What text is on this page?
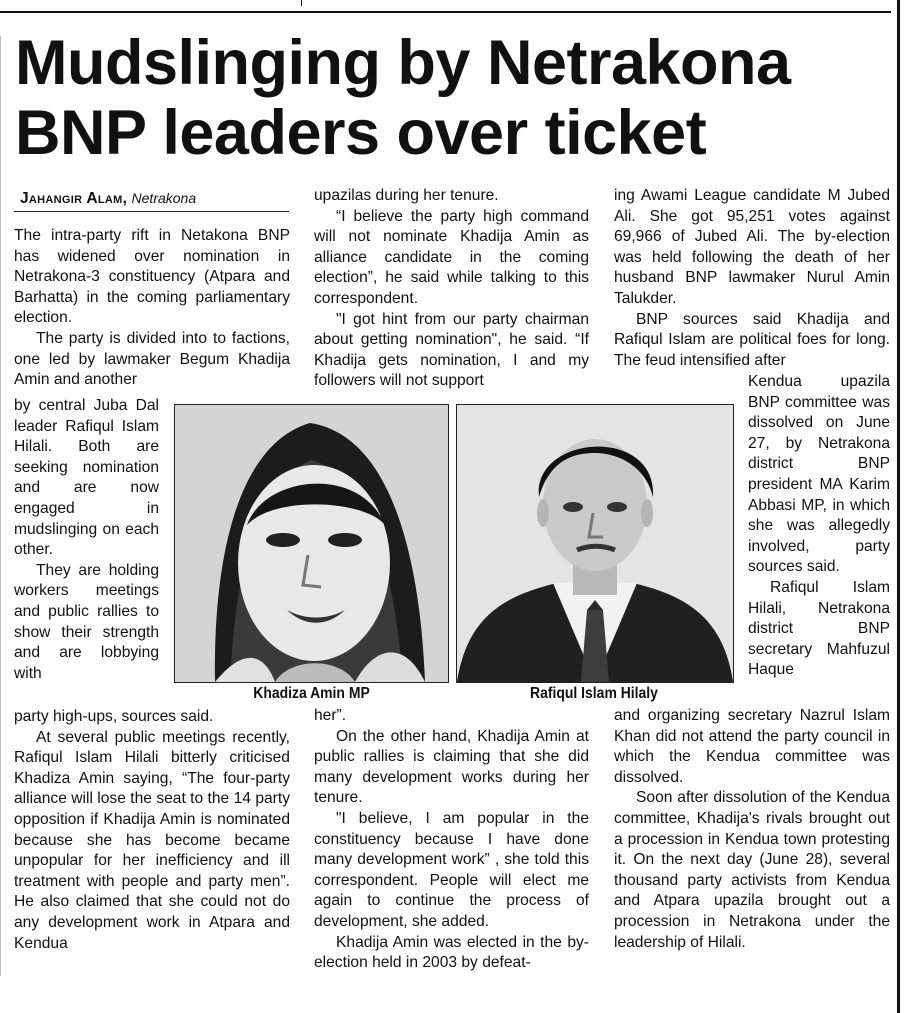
Mudslinging by Netrakona
BNP leaders over ticket
Jahangir Alam, Netrakona

The intra-party rift in Netakona BNP has widened over nomination in Netrakona-3 constituency (Atpara and Barhatta) in the coming parliamentary election.

The party is divided into to factions, one led by lawmaker Begum Khadija Amin and another

by central Juba Dal leader Rafiqul Islam Hilali. Both are seeking nomination and are now engaged in mudslinging on each other.

They are holding workers meetings and public rallies to show their strength and are lobbying with

party high-ups, sources said.

At several public meetings recently, Rafiqul Islam Hilali bitterly criticised Khadiza Amin saying, “The four-party alliance will lose the seat to the 14 party opposition if Khadija Amin is nominated because she has become became unpopular for her inefficiency and ill treatment with people and party men”. He also claimed that she could not do any development work in Atpara and Kendua

upazilas during her tenure.

“I believe the party high command will not nominate Khadija Amin as alliance candidate in the coming election”, he said while talking to this correspondent.

"I got hint from our party chairman about getting nomination", he said. “If Khadija gets nomination, I and my followers will not support

her”.

On the other hand, Khadija Amin at public rallies is claiming that she did many development works during her tenure.

"I believe, I am popular in the constituency because I have done many development work” , she told this correspondent. People will elect me again to continue the process of development, she added.

Khadija Amin was elected in the by-election held in 2003 by defeat-

ing Awami League candidate M Jubed Ali. She got 95,251 votes against 69,966 of Jubed Ali. The by-election was held following the death of her husband BNP lawmaker Nurul Amin Talukder.

BNP sources said Khadija and Rafiqul Islam are political foes for long. The feud intensified after

Kendua upazila BNP committee was dissolved on June 27, by Netrakona district BNP president MA Karim Abbasi MP, in which she was allegedly involved, party sources said.

Rafiqul Islam Hilali, Netrakona district BNP secretary Mahfuzul Haque

and organizing secretary Nazrul Islam Khan did not attend the party council in which the Kendua committee was dissolved.

Soon after dissolution of the Kendua committee, Khadija's rivals brought out a procession in Kendua town protesting it. On the next day (June 28), several thousand party activists from Kendua and Atpara upazila brought out a procession in Netrakona under the leadership of Hilali.

Khadiza Amin MP	Rafiqul Islam Hilaly
